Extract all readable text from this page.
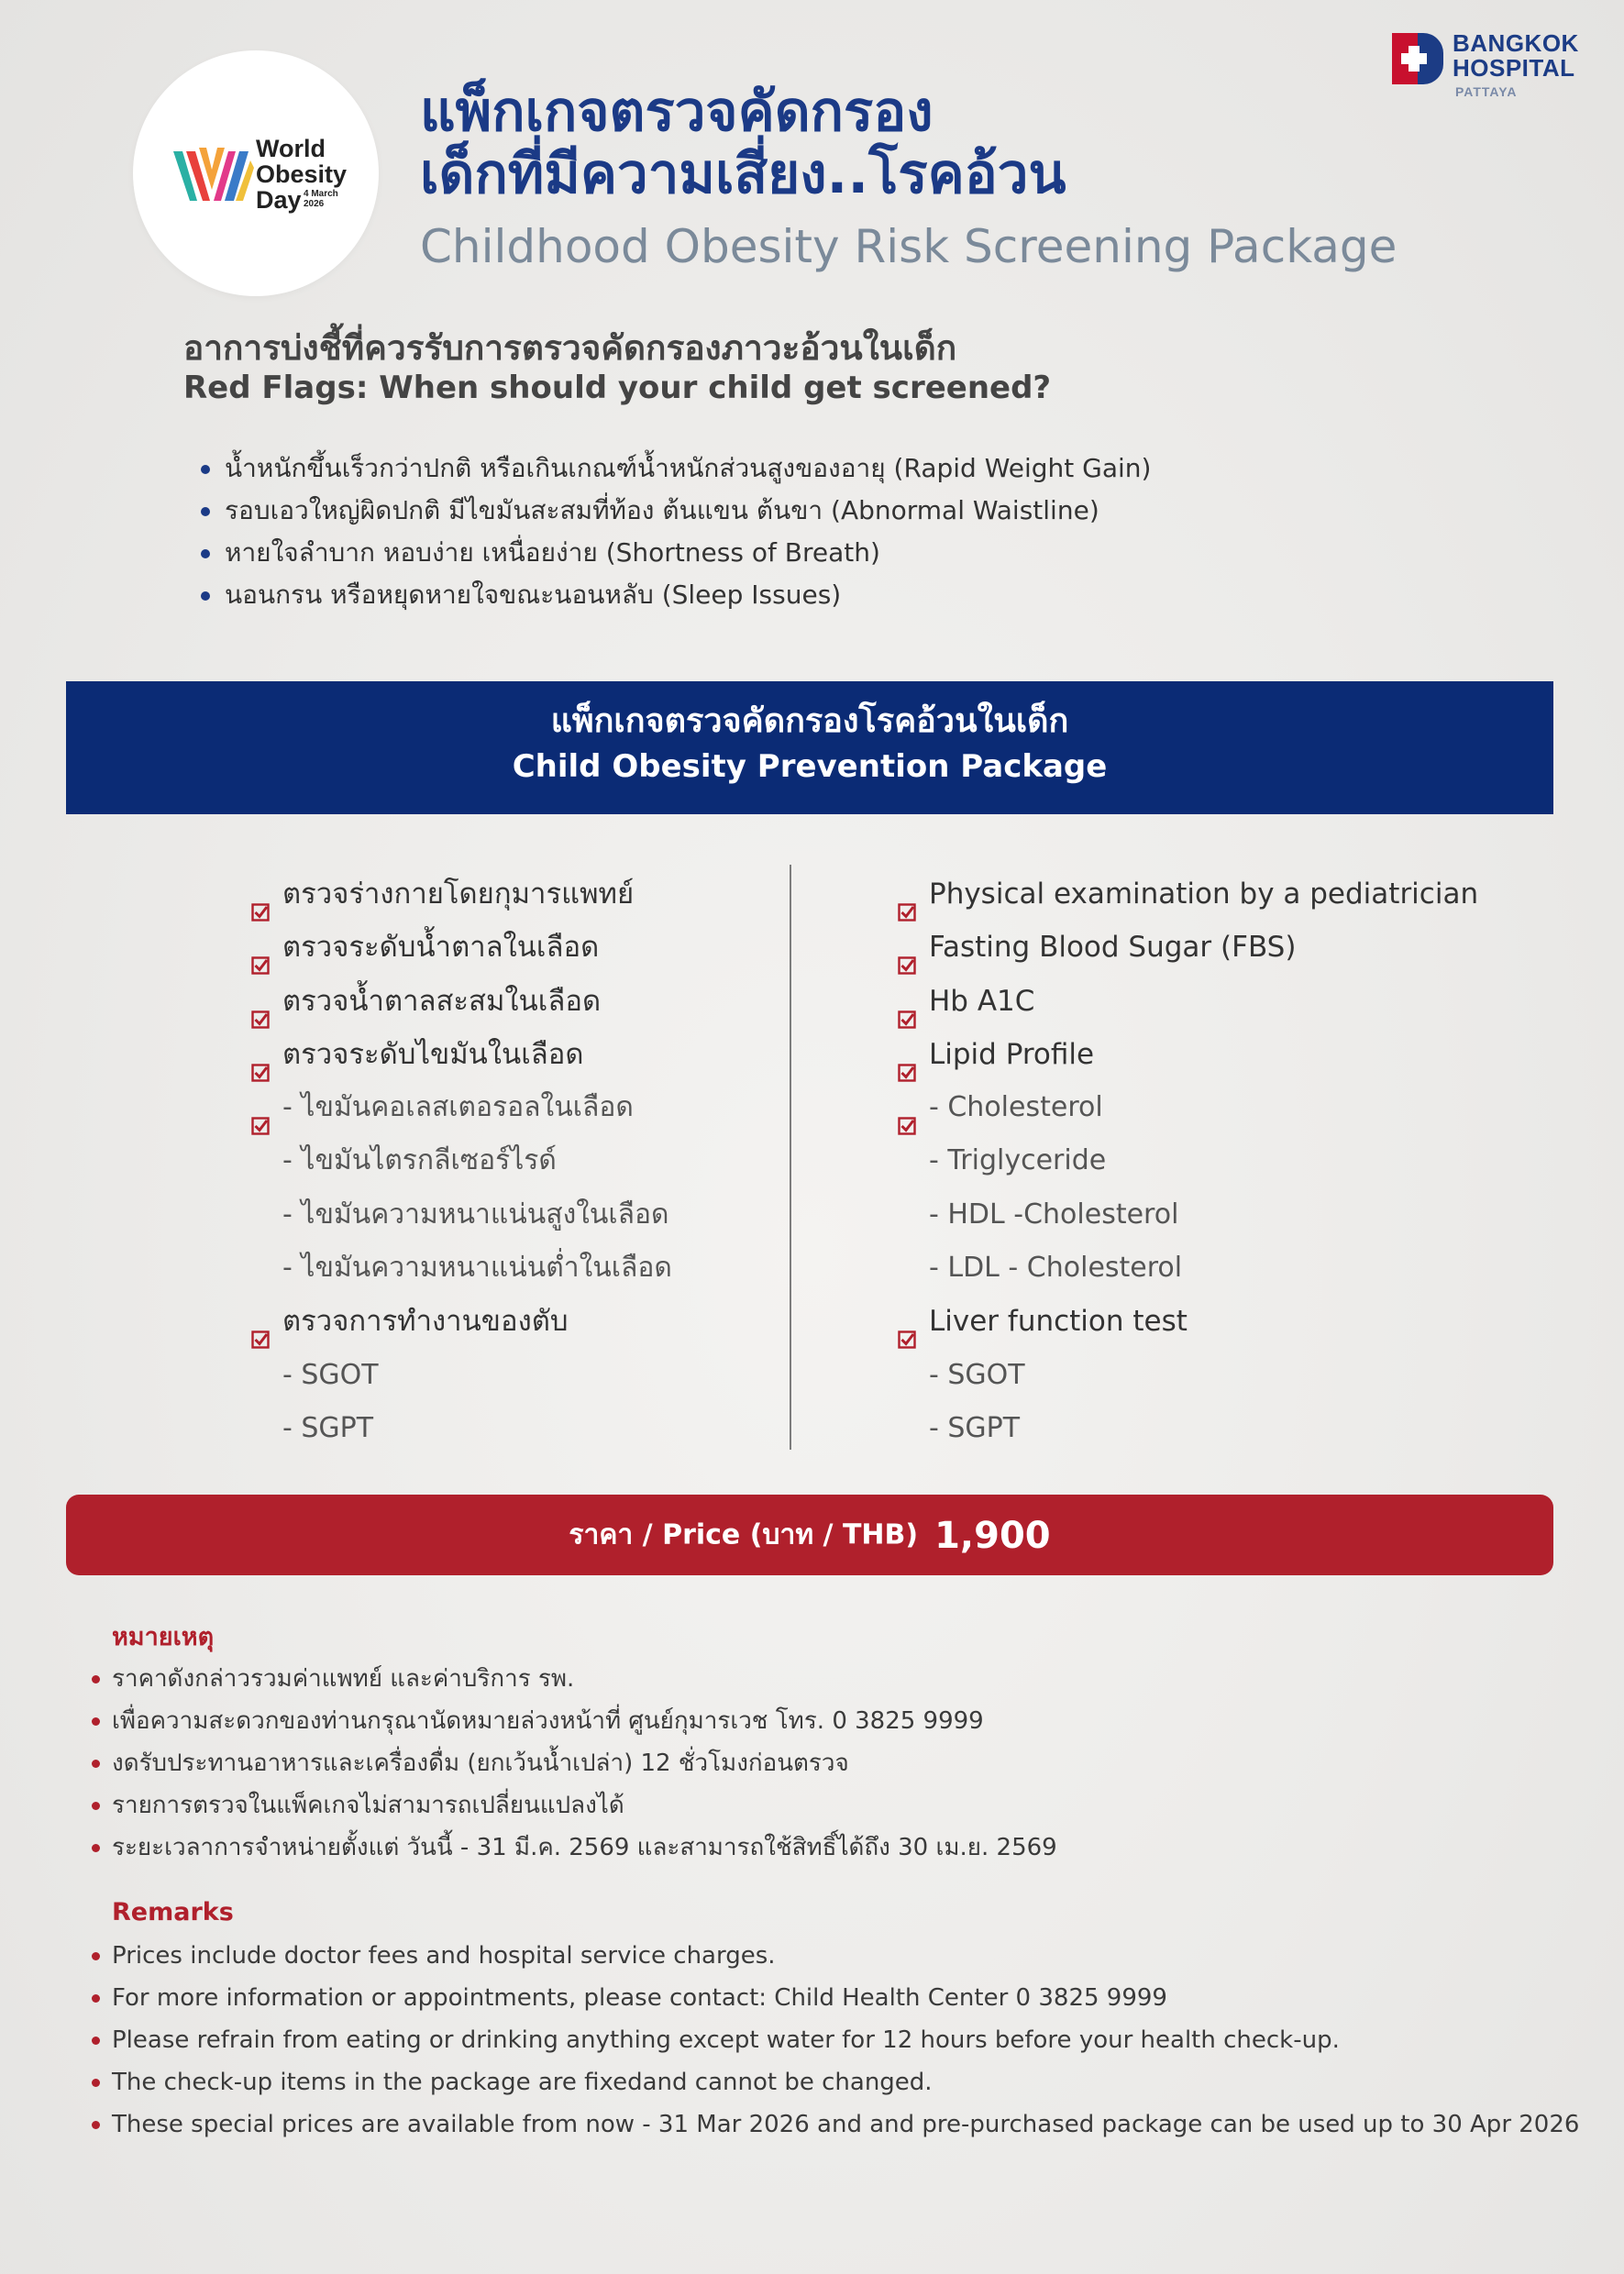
World
Obesity
Day 4 March
2026
BANGKOK
HOSPITAL
PATTAYA
แพ็กเกจตรวจคัดกรอง
เด็กที่มีความเสี่ยง..โรคอ้วน
Childhood Obesity Risk Screening Package
อาการบ่งชี้ที่ควรรับการตรวจคัดกรองภาวะอ้วนในเด็ก
Red Flags: When should your child get screened?
น้ำหนักขึ้นเร็วกว่าปกติ หรือเกินเกณฑ์น้ำหนักส่วนสูงของอายุ (Rapid Weight Gain)
รอบเอวใหญ่ผิดปกติ มีไขมันสะสมที่ท้อง ต้นแขน ต้นขา (Abnormal Waistline)
หายใจลำบาก หอบง่าย เหนื่อยง่าย (Shortness of Breath)
นอนกรน หรือหยุดหายใจขณะนอนหลับ (Sleep Issues)
แพ็กเกจตรวจคัดกรองโรคอ้วนในเด็ก
Child Obesity Prevention Package
ตรวจร่างกายโดยกุมารแพทย์
ตรวจระดับน้ำตาลในเลือด
ตรวจน้ำตาลสะสมในเลือด
ตรวจระดับไขมันในเลือด
- ไขมันคอเลสเตอรอลในเลือด
- ไขมันไตรกลีเซอร์ไรด์
- ไขมันความหนาแน่นสูงในเลือด
- ไขมันความหนาแน่นต่ำในเลือด
ตรวจการทำงานของตับ
- SGOT
- SGPT
Physical examination by a pediatrician
Fasting Blood Sugar (FBS)
Hb A1C
Lipid Profile
- Cholesterol
- Triglyceride
- HDL -Cholesterol
- LDL - Cholesterol
Liver function test
- SGOT
- SGPT
ราคา / Price (บาท / THB) 1,900
หมายเหตุ
ราคาดังกล่าวรวมค่าแพทย์ และค่าบริการ รพ.
เพื่อความสะดวกของท่านกรุณานัดหมายล่วงหน้าที่ ศูนย์กุมารเวช โทร. 0 3825 9999
งดรับประทานอาหารและเครื่องดื่ม (ยกเว้นน้ำเปล่า) 12 ชั่วโมงก่อนตรวจ
รายการตรวจในแพ็คเกจไม่สามารถเปลี่ยนแปลงได้
ระยะเวลาการจำหน่ายตั้งแต่ วันนี้ - 31 มี.ค. 2569 และสามารถใช้สิทธิ์ได้ถึง 30 เม.ย. 2569
Remarks
Prices include doctor fees and hospital service charges.
For more information or appointments, please contact: Child Health Center 0 3825 9999
Please refrain from eating or drinking anything except water for 12 hours before your health check-up.
The check-up items in the package are fixedand cannot be changed.
These special prices are available from now - 31 Mar 2026 and and pre-purchased package can be used up to 30 Apr 2026
